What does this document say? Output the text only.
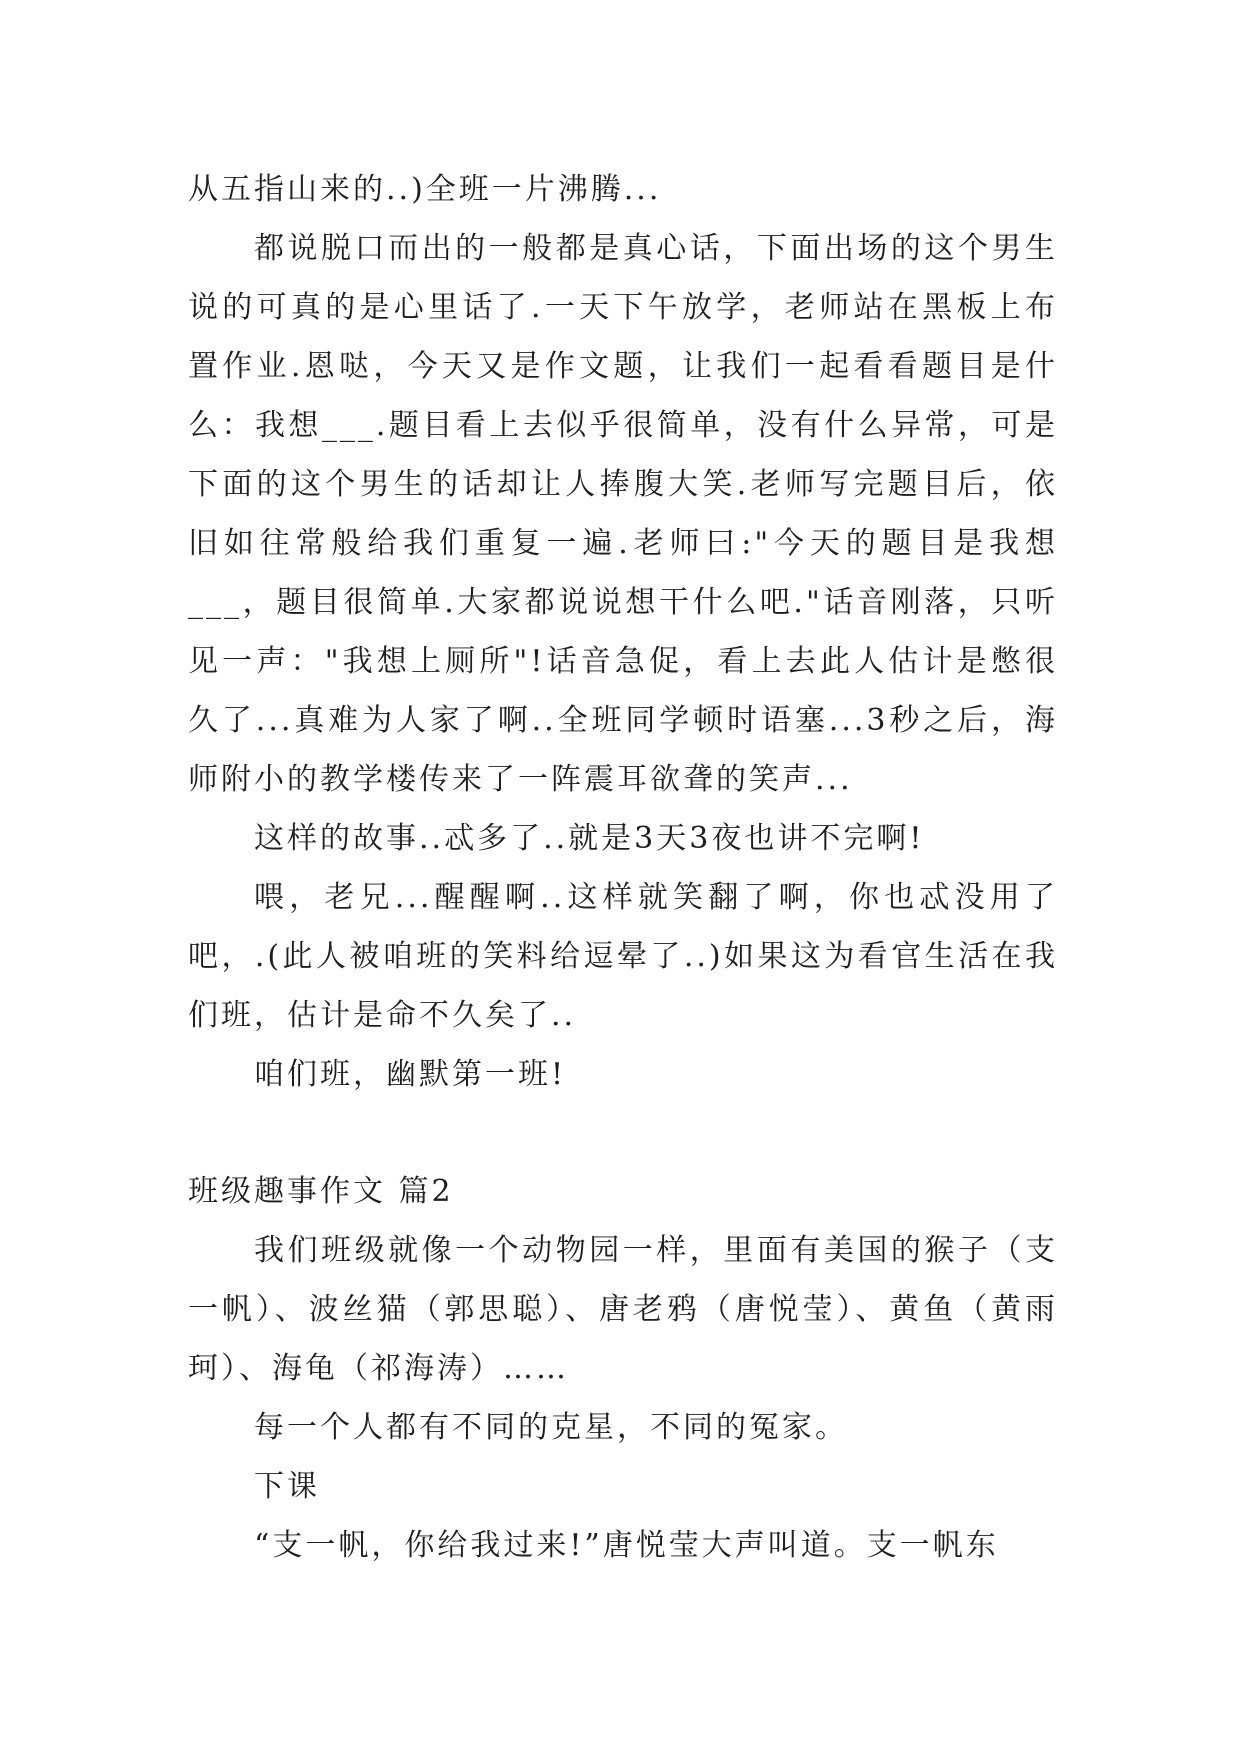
从五指山来的..)全班一片沸腾...

都说脱口而出的一般都是真心话，下面出场的这个男生说的可真的是心里话了.一天下午放学，老师站在黑板上布置作业.恩哒，今天又是作文题，让我们一起看看题目是什么：我想___.题目看上去似乎很简单，没有什么异常，可是下面的这个男生的话却让人捧腹大笑.老师写完题目后，依旧如往常般给我们重复一遍.老师曰:"今天的题目是我想___，题目很简单.大家都说说想干什么吧."话音刚落，只听见一声："我想上厕所"!话音急促，看上去此人估计是憋很久了...真难为人家了啊..全班同学顿时语塞...3秒之后，海师附小的教学楼传来了一阵震耳欲聋的笑声...

这样的故事..忒多了..就是3天3夜也讲不完啊!

喂，老兄...醒醒啊..这样就笑翻了啊，你也忒没用了吧，.(此人被咱班的笑料给逗晕了..)如果这为看官生活在我们班，估计是命不久矣了..

咱们班，幽默第一班!

班级趣事作文 篇2

我们班级就像一个动物园一样，里面有美国的猴子（支一帆）、波丝猫（郭思聪）、唐老鸦（唐悦莹）、黄鱼（黄雨珂）、海龟（祁海涛）……

每一个人都有不同的克星，不同的冤家。

下课

“支一帆，你给我过来!”唐悦莹大声叫道。支一帆东
